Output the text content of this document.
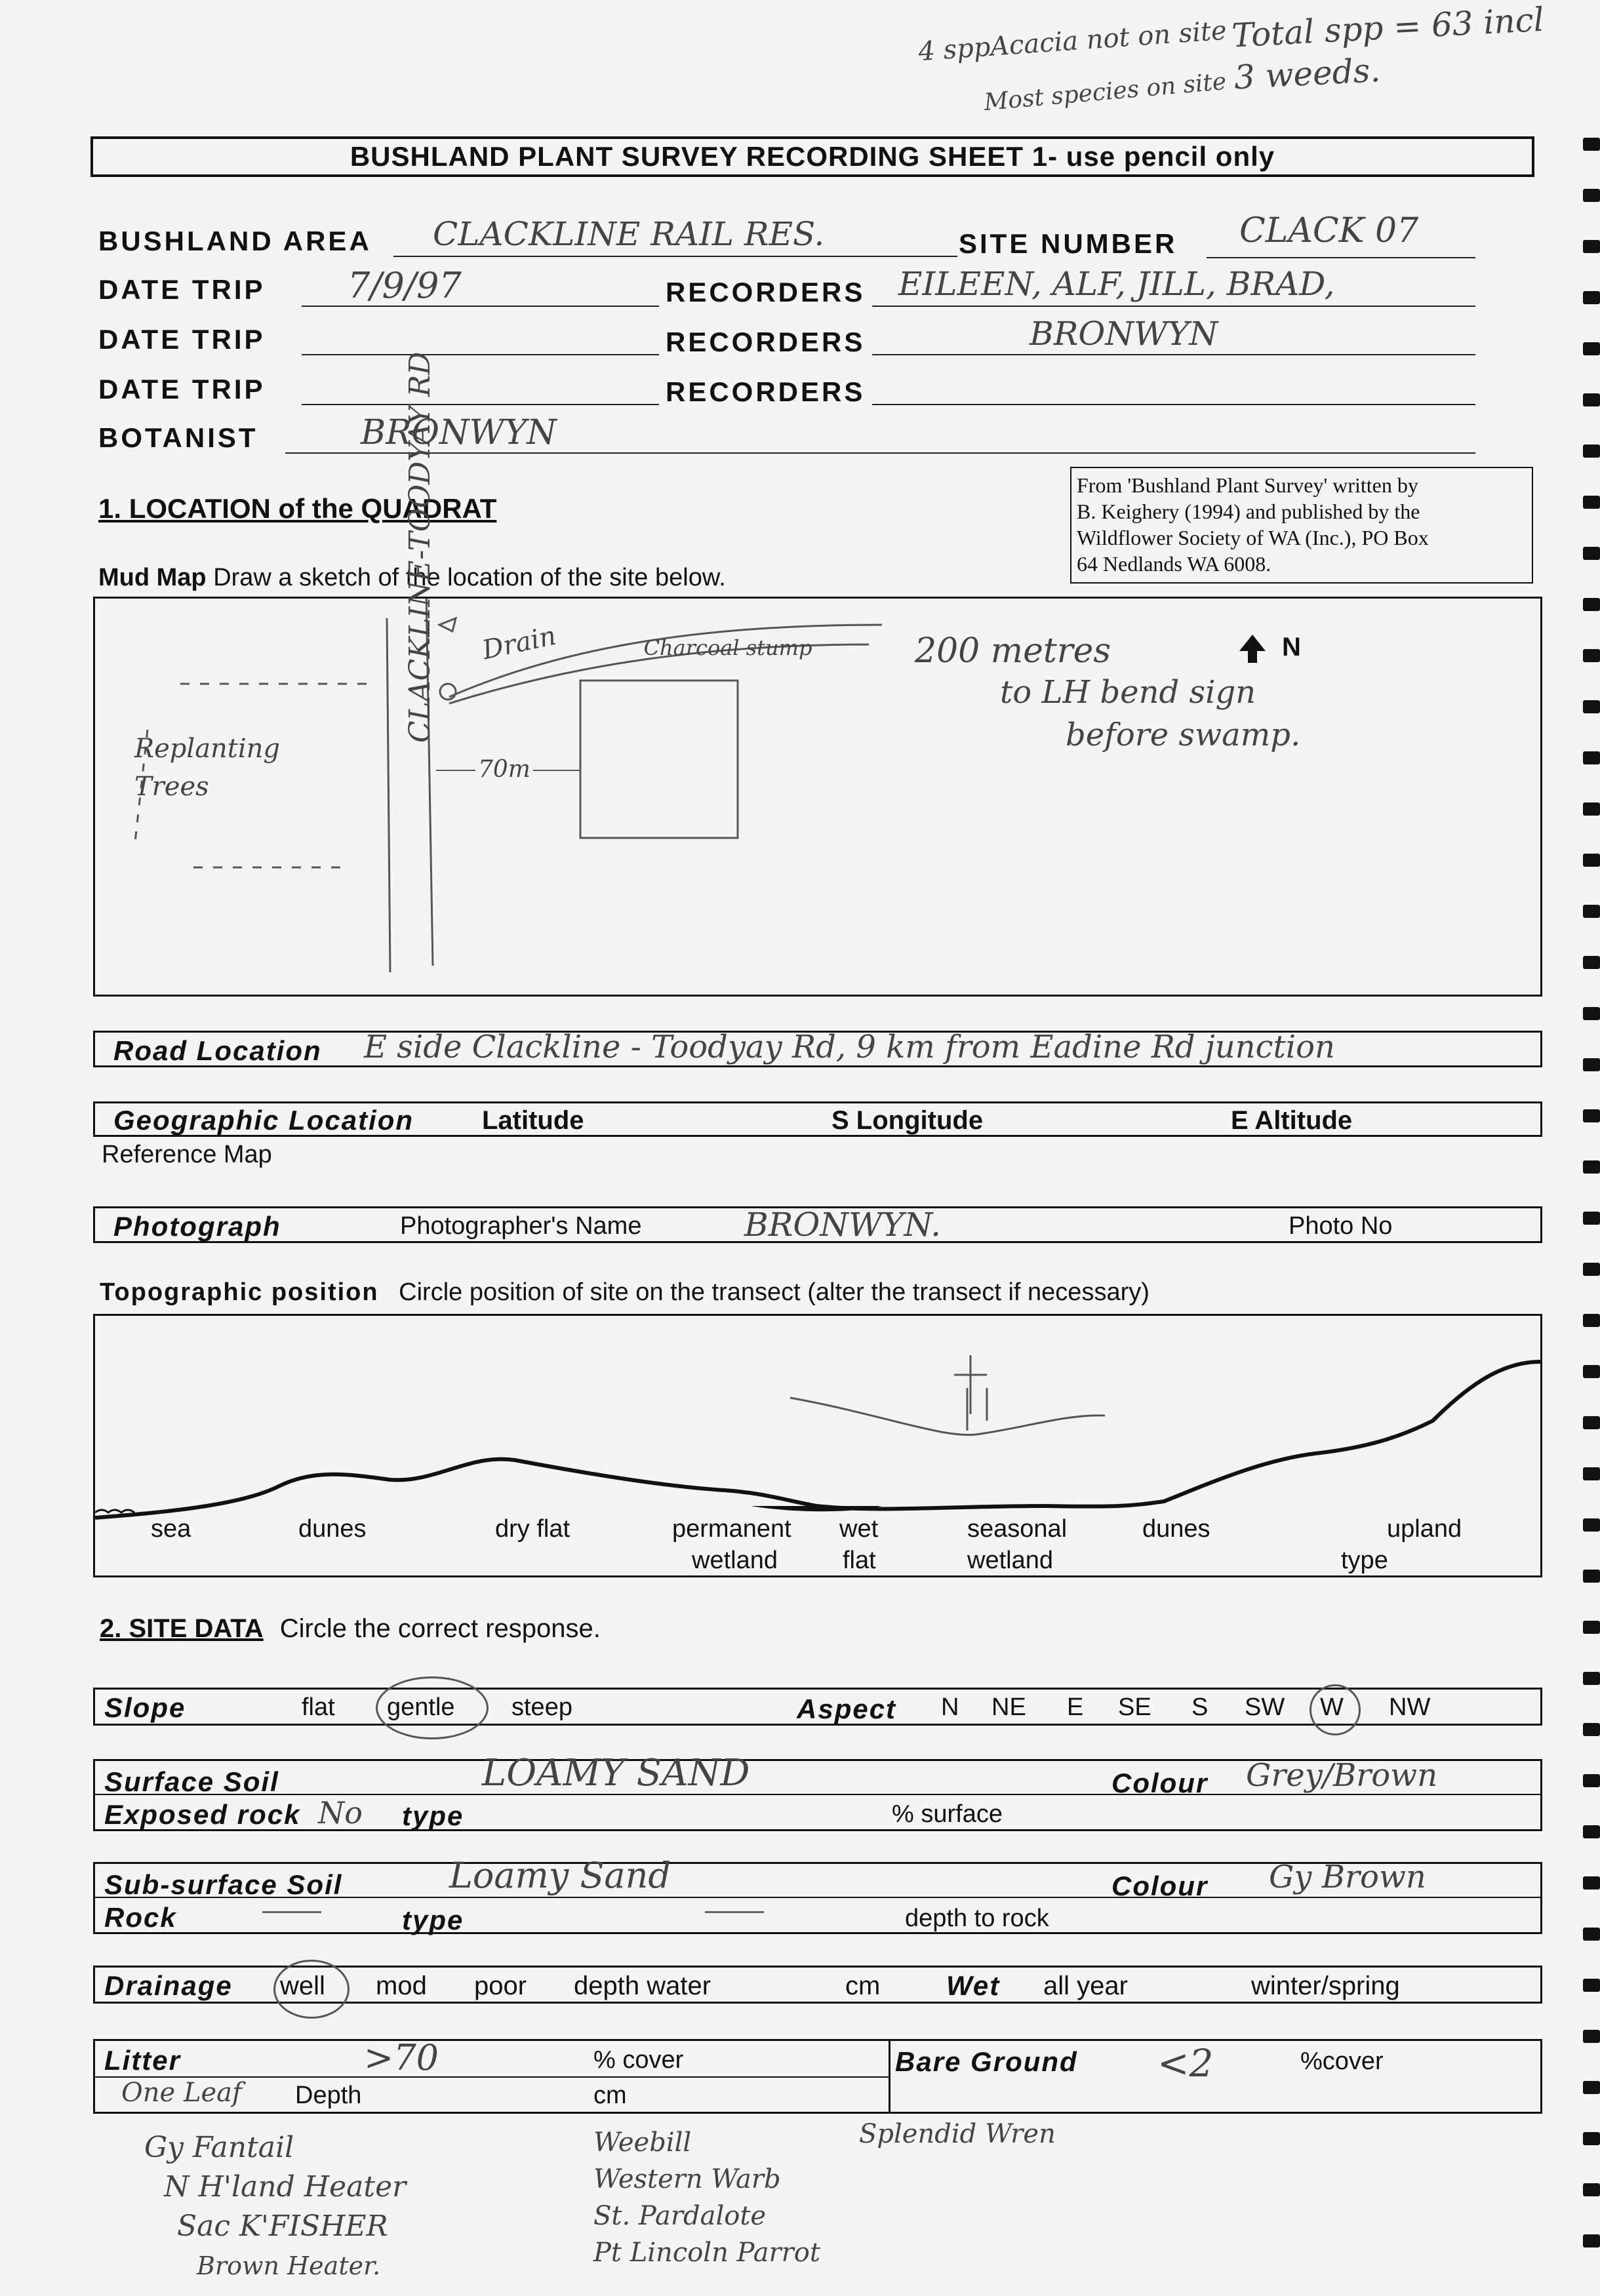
4 sppAcacia not on site
Most species on site
Total spp = 63 incl 3 weeds.
BUSHLAND PLANT SURVEY RECORDING SHEET 1- use pencil only
BUSHLAND AREA CLACKLINE RAIL RES.	SITE NUMBER CLACK 07
DATE TRIP 7/9/97	RECORDERS EILEEN, ALF, JILL, BRAD,
DATE TRIP	RECORDERS	BRONWYN
DATE TRIP	RECORDERS
BOTANIST	BRONWYN
From 'Bushland Plant Survey' written by
B. Keighery (1994) and published by the
Wildflower Society of WA (Inc.), PO Box
64 Nedlands WA 6008.
1. LOCATION of the QUADRAT
Mud Map Draw a sketch of the location of the site below.
N
CLACKLINE-TOODYAY RD Drain	Charcoal stump
70m
Replanting Trees
200 metres
to LH bend sign
before swamp.
Road Location E side Clackline - Toodyay Rd, 9 km from Eadine Rd junction
Geographic Location	Latitude	S Longitude	E Altitude
Reference Map
Photograph	Photographer's Name	BRONWYN.	Photo No
Topographic position Circle position of site on the transect (alter the transect if necessary)
sea	dunes	dry flat	permanent
wetland
wet
flat
seasonal
wetland
dunes	upland
type
2. SITE DATA Circle the correct response.
Slope	flat gentle steep	Aspect N NE E SE S SW W NW
Surface Soil	LOAMY SAND	Colour Grey/Brown
Exposed rock No type	% surface
Sub-surface Soil	Loamy Sand	Colour Gy Brown
Rock	type	depth to rock
Drainage well mod poor depth water	cm Wet all year	winter/spring
Litter	>70	% cover
One Leaf Depth	cm
Bare Ground <2	%cover
Gy Fantail
N H'land Heater
Sac K'FISHER
Brown Heater.
Weebill
Western Warb
St. Pardalote
Pt Lincoln Parrot
Splendid Wren
